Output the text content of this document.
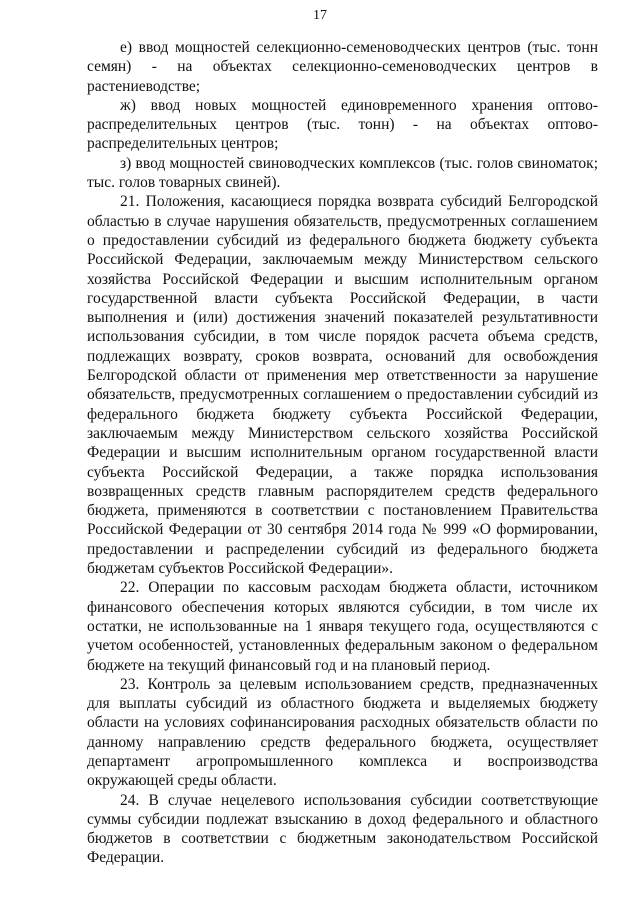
17

е) ввод мощностей селекционно-семеноводческих центров (тыс. тонн семян) - на объектах селекционно-семеноводческих центров в растениеводстве;

ж) ввод новых мощностей единовременного хранения оптово-распределительных центров (тыс. тонн) - на объектах оптово-распределительных центров;

з) ввод мощностей свиноводческих комплексов (тыс. голов свиноматок; тыс. голов товарных свиней).

21. Положения, касающиеся порядка возврата субсидий Белгородской областью в случае нарушения обязательств, предусмотренных соглашением о предоставлении субсидий из федерального бюджета бюджету субъекта Российской Федерации, заключаемым между Министерством сельского хозяйства Российской Федерации и высшим исполнительным органом государственной власти субъекта Российской Федерации, в части выполнения и (или) достижения значений показателей результативности использования субсидии, в том числе порядок расчета объема средств, подлежащих возврату, сроков возврата, оснований для освобождения Белгородской области от применения мер ответственности за нарушение обязательств, предусмотренных соглашением о предоставлении субсидий из федерального бюджета бюджету субъекта Российской Федерации, заключаемым между Министерством сельского хозяйства Российской Федерации и высшим исполнительным органом государственной власти субъекта Российской Федерации, а также порядка использования возвращенных средств главным распорядителем средств федерального бюджета, применяются в соответствии с постановлением Правительства Российской Федерации от 30 сентября 2014 года № 999 «О формировании, предоставлении и распределении субсидий из федерального бюджета бюджетам субъектов Российской Федерации».

22. Операции по кассовым расходам бюджета области, источником финансового обеспечения которых являются субсидии, в том числе их остатки, не использованные на 1 января текущего года, осуществляются с учетом особенностей, установленных федеральным законом о федеральном бюджете на текущий финансовый год и на плановый период.

23. Контроль за целевым использованием средств, предназначенных для выплаты субсидий из областного бюджета и выделяемых бюджету области на условиях софинансирования расходных обязательств области по данному направлению средств федерального бюджета, осуществляет департамент агропромышленного комплекса и воспроизводства окружающей среды области.

24. В случае нецелевого использования субсидии соответствующие суммы субсидии подлежат взысканию в доход федерального и областного бюджетов в соответствии с бюджетным законодательством Российской Федерации.
